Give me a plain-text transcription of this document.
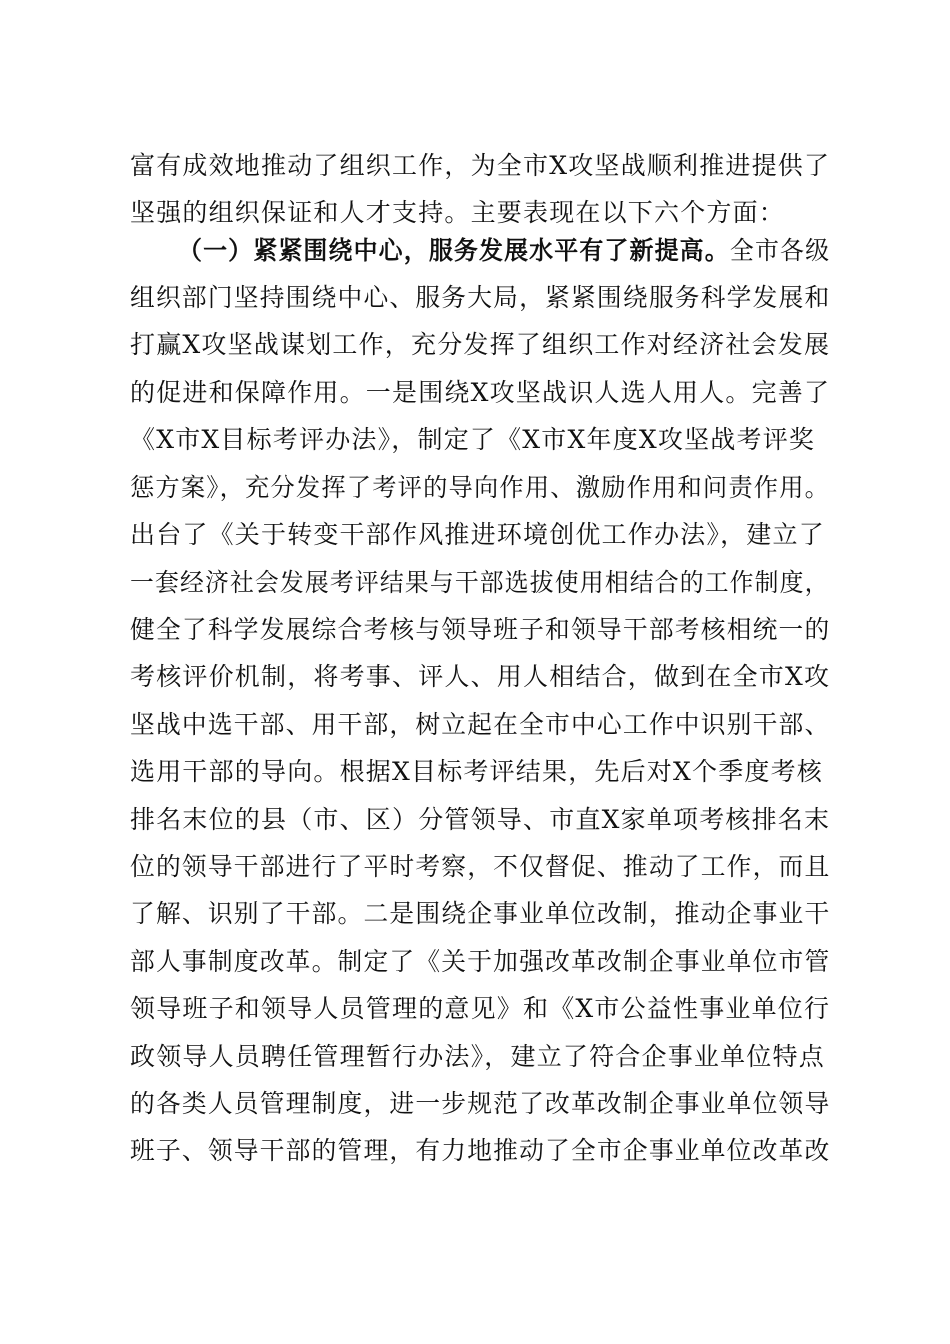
富有成效地推动了组织工作，为全市X攻坚战顺利推进提供了
坚强的组织保证和人才支持。主要表现在以下六个方面：
（一）紧紧围绕中心，服务发展水平有了新提高。全市各级
组织部门坚持围绕中心、服务大局，紧紧围绕服务科学发展和
打赢X攻坚战谋划工作，充分发挥了组织工作对经济社会发展
的促进和保障作用。一是围绕X攻坚战识人选人用人。完善了
《X市X目标考评办法》，制定了《X市X年度X攻坚战考评奖
惩方案》，充分发挥了考评的导向作用、激励作用和问责作用。
出台了《关于转变干部作风推进环境创优工作办法》，建立了
一套经济社会发展考评结果与干部选拔使用相结合的工作制度，
健全了科学发展综合考核与领导班子和领导干部考核相统一的
考核评价机制，将考事、评人、用人相结合，做到在全市X攻
坚战中选干部、用干部，树立起在全市中心工作中识别干部、
选用干部的导向。根据X目标考评结果，先后对X个季度考核
排名末位的县（市、区）分管领导、市直X家单项考核排名末
位的领导干部进行了平时考察，不仅督促、推动了工作，而且
了解、识别了干部。二是围绕企事业单位改制，推动企事业干
部人事制度改革。制定了《关于加强改革改制企事业单位市管
领导班子和领导人员管理的意见》和《X市公益性事业单位行
政领导人员聘任管理暂行办法》，建立了符合企事业单位特点
的各类人员管理制度，进一步规范了改革改制企事业单位领导
班子、领导干部的管理，有力地推动了全市企事业单位改革改
